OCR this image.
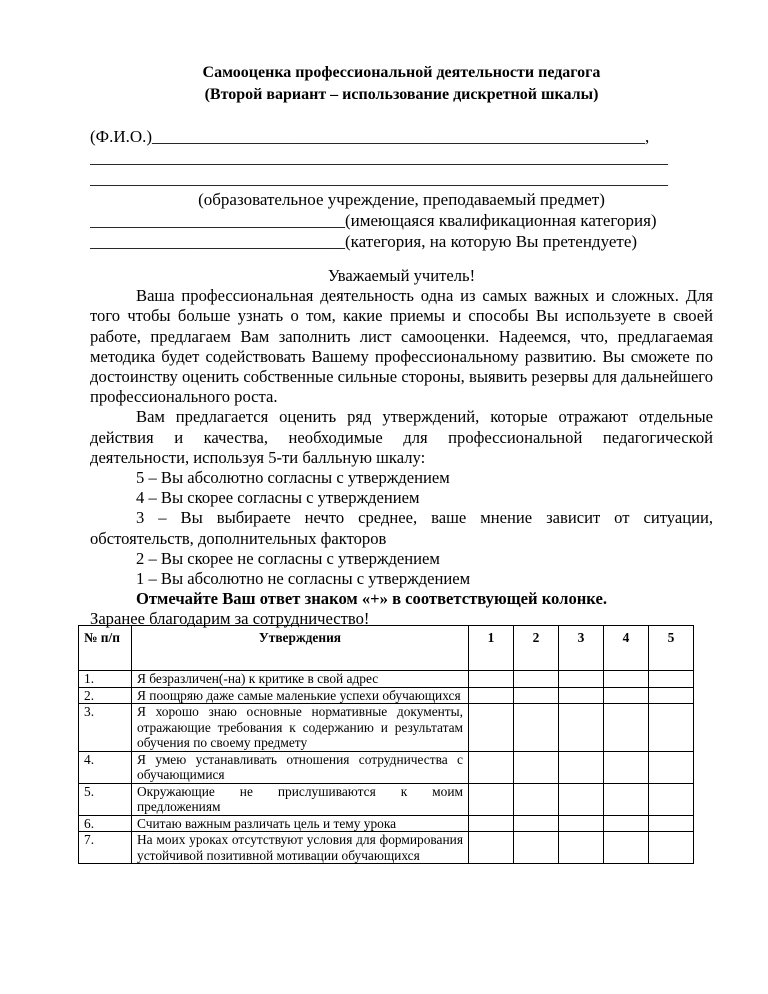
Самооценка профессиональной деятельности педагога
(Второй вариант – использование дискретной шкалы)
(Ф.И.О.)__________________________________________________________,
____________________________________________________________________
____________________________________________________________________
(образовательное учреждение, преподаваемый предмет)
______________________________(имеющаяся квалификационная категория)
______________________________(категория, на которую Вы претендуете)
Уважаемый учитель!

Ваша профессиональная деятельность одна из самых важных и сложных. Для того чтобы больше узнать о том, какие приемы и способы Вы используете в своей работе, предлагаем Вам заполнить лист самооценки. Надеемся, что, предлагаемая методика будет содействовать Вашему профессиональному развитию. Вы сможете по достоинству оценить собственные сильные стороны, выявить резервы для дальнейшего профессионального роста.

Вам предлагается оценить ряд утверждений, которые отражают отдельные действия и качества, необходимые для профессиональной педагогической деятельности, используя 5-ти балльную шкалу:

5 – Вы абсолютно согласны с утверждением
4 – Вы скорее согласны с утверждением
3 – Вы выбираете нечто среднее, ваше мнение зависит от ситуации, обстоятельств, дополнительных факторов
2 – Вы скорее не согласны с утверждением
1 – Вы абсолютно не согласны с утверждением
Отмечайте Ваш ответ знаком «+» в соответствующей колонке.
Заранее благодарим за сотрудничество!
№ п/п	Утверждения	1	2	3	4	5
1.	Я безразличен(-на) к критике в свой адрес					
2.	Я поощряю даже самые маленькие успехи обучающихся					
3.	Я хорошо знаю основные нормативные документы, отражающие требования к содержанию и результатам обучения по своему предмету					
4.	Я умею устанавливать отношения сотрудничества с обучающимися					
5.	Окружающие не прислушиваются к моим предложениям					
6.	Считаю важным различать цель и тему урока					
7.	На моих уроках отсутствуют условия для формирования устойчивой позитивной мотивации обучающихся					
